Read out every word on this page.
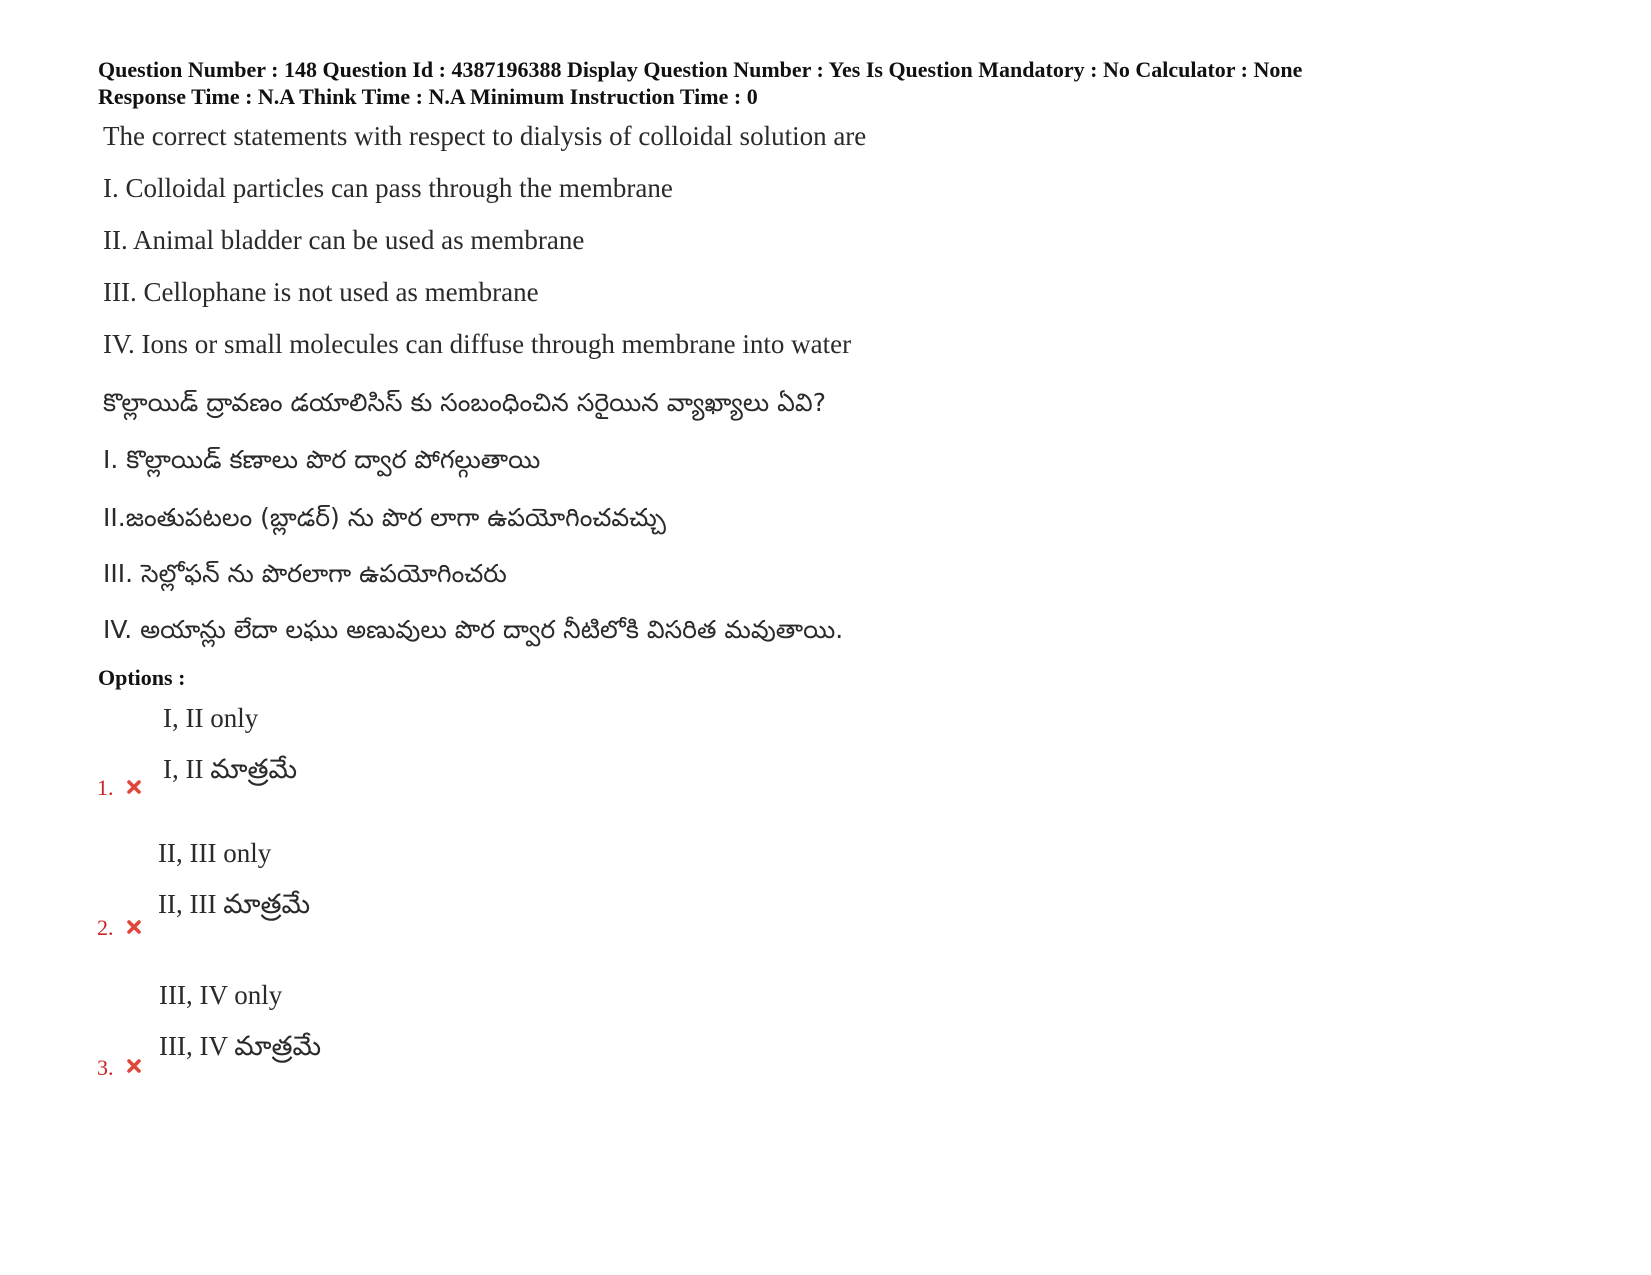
Question Number : 148 Question Id : 4387196388 Display Question Number : Yes Is Question Mandatory : No Calculator : None
Response Time : N.A Think Time : N.A Minimum Instruction Time : 0
The correct statements with respect to dialysis of colloidal solution are
I. Colloidal particles can pass through the membrane
II. Animal bladder can be used as membrane
III. Cellophane is not used as membrane
IV. Ions or small molecules can diffuse through membrane into water
కొల్లాయిడ్ ద్రావణం డయాలిసిస్ కు సంబంధించిన సరైయిన వ్యాఖ్యాలు ఏవి?
I. కొల్లాయిడ్ కణాలు పొర ద్వార పోగల్గుతాయి
II.జంతుపటలం (బ్లాడర్) ను పొర లాగా ఉపయోగించవచ్చు
III. సెల్లోఫన్ ను పొరలాగా ఉపయోగించరు
IV. అయాన్లు లేదా లఘు అణువులు పొర ద్వార నీటిలోకి విసరిత మవుతాయి.
Options :
I, II only
I, II మాత్రమే
1.
II, III only
II, III మాత్రమే
2.
III, IV only
III, IV మాత్రమే
3.
